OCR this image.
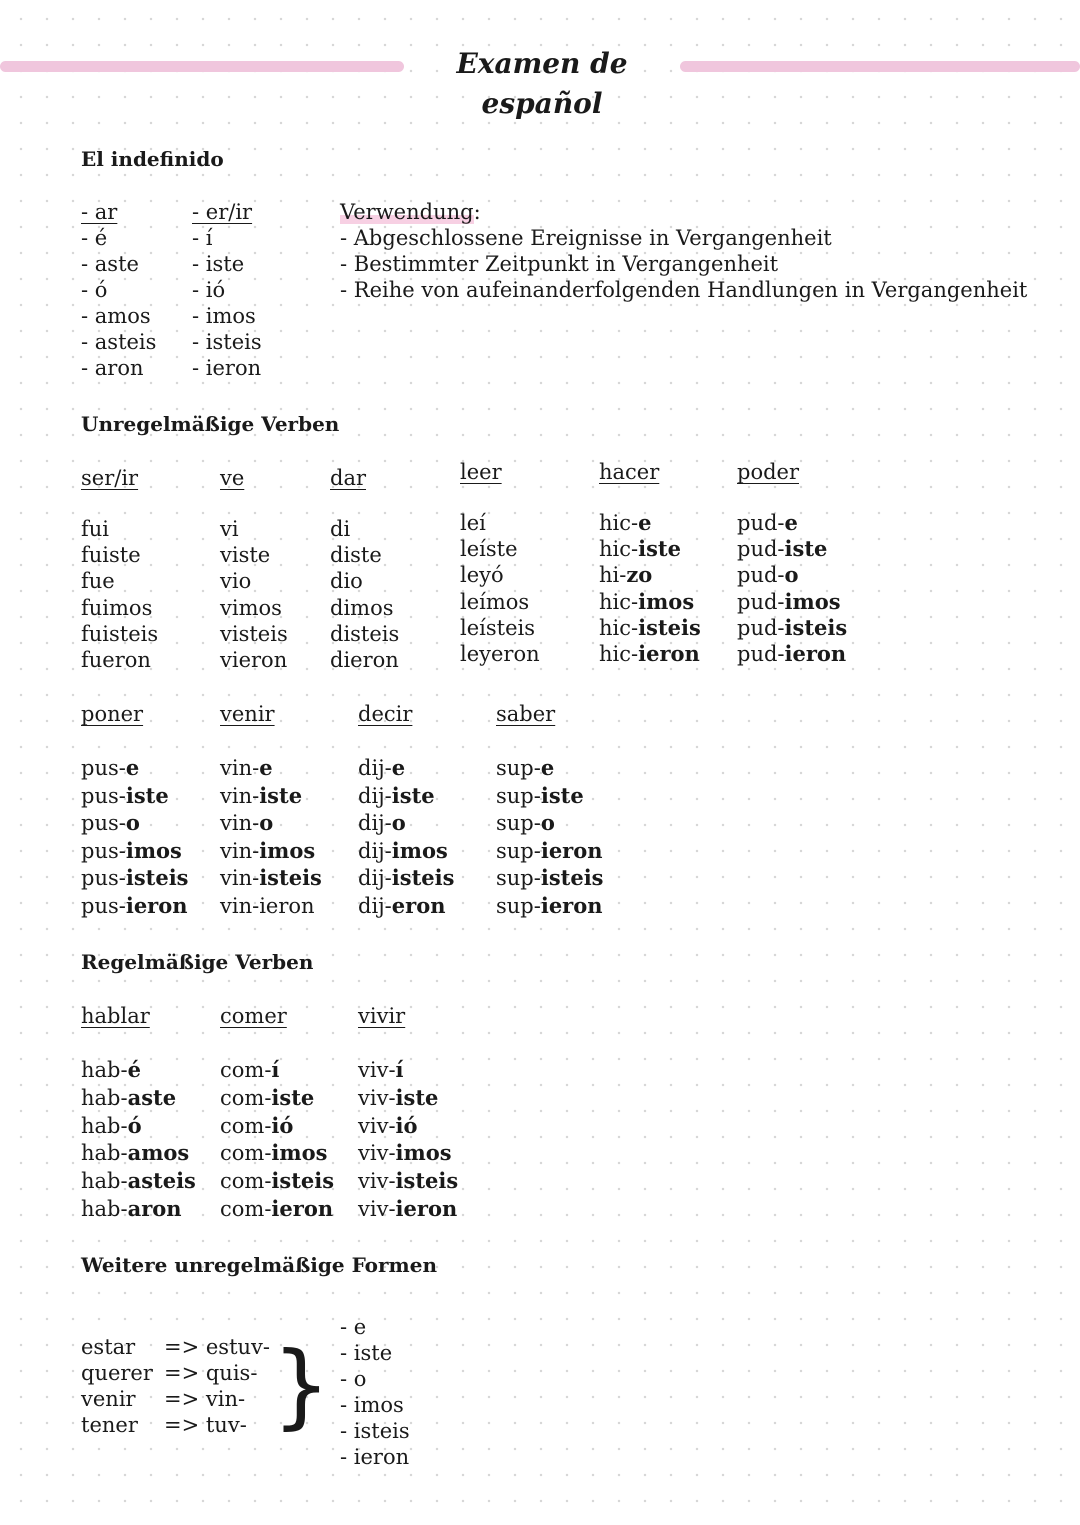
Examen de español
El indefinido
- ar
- é
- aste
- ó
- amos
- asteis
- aron
- er/ir
- í
- iste
- ió
- imos
- isteis
- ieron
Verwendung:
- Abgeschlossene Ereignisse in Vergangenheit
- Bestimmter Zeitpunkt in Vergangenheit
- Reihe von aufeinanderfolgenden Handlungen in Vergangenheit
Unregelmäßige Verben
ser/ir
fui
fuiste
fue
fuimos
fuisteis
fueron
ve
vi
viste
vio
vimos
visteis
vieron
dar
di
diste
dio
dimos
disteis
dieron
leer
leí
leíste
leyó
leímos
leísteis
leyeron
hacer
hic-e
hic-iste
hi-zo
hic-imos
hic-isteis
hic-ieron
poder
pud-e
pud-iste
pud-o
pud-imos
pud-isteis
pud-ieron
poner
pus-e
pus-iste
pus-o
pus-imos
pus-isteis
pus-ieron
venir
vin-e
vin-iste
vin-o
vin-imos
vin-isteis
vin-ieron
decir
dij-e
dij-iste
dij-o
dij-imos
dij-isteis
dij-eron
saber
sup-e
sup-iste
sup-o
sup-ieron
sup-isteis
sup-ieron
Regelmäßige Verben
hablar
hab-é
hab-aste
hab-ó
hab-amos
hab-asteis
hab-aron
comer
com-í
com-iste
com-ió
com-imos
com-isteis
com-ieron
vivir
viv-í
viv-iste
viv-ió
viv-imos
viv-isteis
viv-ieron
Weitere unregelmäßige Formen
estar
querer
venir
tener
=> estuv-
=> quis-
=> vin-
=> tuv- }
- e
- iste
- o
- imos
- isteis
- ieron
